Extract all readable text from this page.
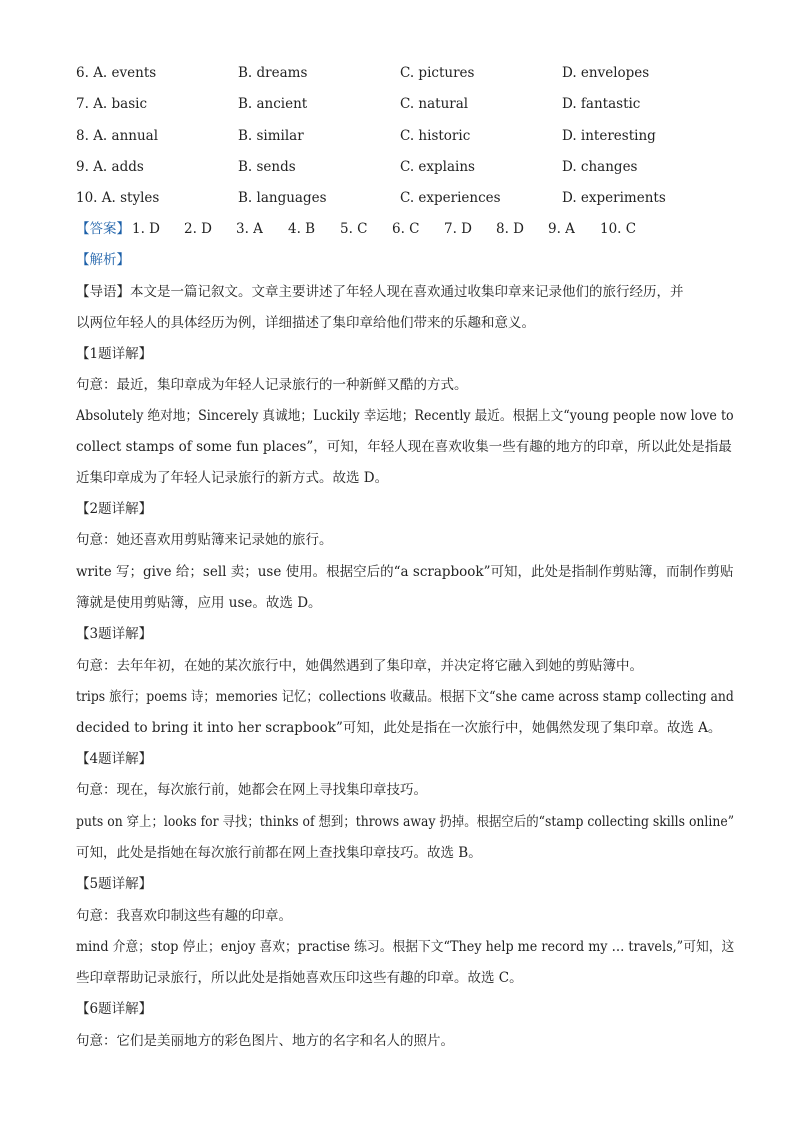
6. A. events	B. dreams	C. pictures	D. envelopes
7. A. basic	B. ancient	C. natural	D. fantastic
8. A. annual	B. similar	C. historic	D. interesting
9. A. adds	B. sends	C. explains	D. changes
10. A. styles	B. languages	C. experiences	D. experiments
【答案】 1. D 2. D 3. A 4. B 5. C 6. C 7. D 8. D 9. A 10. C
【解析】
【导语】本文是一篇记叙文。文章主要讲述了年轻人现在喜欢通过收集印章来记录他们的旅行经历，并
以两位年轻人的具体经历为例，详细描述了集印章给他们带来的乐趣和意义。
【1题详解】
句意：最近，集印章成为年轻人记录旅行的一种新鲜又酷的方式。
Absolutely 绝对地；Sincerely 真诚地；Luckily 幸运地；Recently 最近。根据上文“young people now love to
collect stamps of some fun places”，可知，年轻人现在喜欢收集一些有趣的地方的印章，所以此处是指最
近集印章成为了年轻人记录旅行的新方式。故选 D。
【2题详解】
句意：她还喜欢用剪贴簿来记录她的旅行。
write 写；give 给；sell 卖；use 使用。根据空后的“a scrapbook”可知，此处是指制作剪贴簿，而制作剪贴
簿就是使用剪贴簿，应用 use。故选 D。
【3题详解】
句意：去年年初，在她的某次旅行中，她偶然遇到了集印章，并决定将它融入到她的剪贴簿中。
trips 旅行；poems 诗；memories 记忆；collections 收藏品。根据下文“she came across stamp collecting and
decided to bring it into her scrapbook”可知，此处是指在一次旅行中，她偶然发现了集印章。故选 A。
【4题详解】
句意：现在，每次旅行前，她都会在网上寻找集印章技巧。
puts on 穿上；looks for 寻找；thinks of 想到；throws away 扔掉。根据空后的“stamp collecting skills online”
可知，此处是指她在每次旅行前都在网上查找集印章技巧。故选 B。
【5题详解】
句意：我喜欢印制这些有趣的印章。
mind 介意；stop 停止；enjoy 喜欢；practise 练习。根据下文“They help me record my … travels,”可知，这
些印章帮助记录旅行，所以此处是指她喜欢压印这些有趣的印章。故选 C。
【6题详解】
句意：它们是美丽地方的彩色图片、地方的名字和名人的照片。
